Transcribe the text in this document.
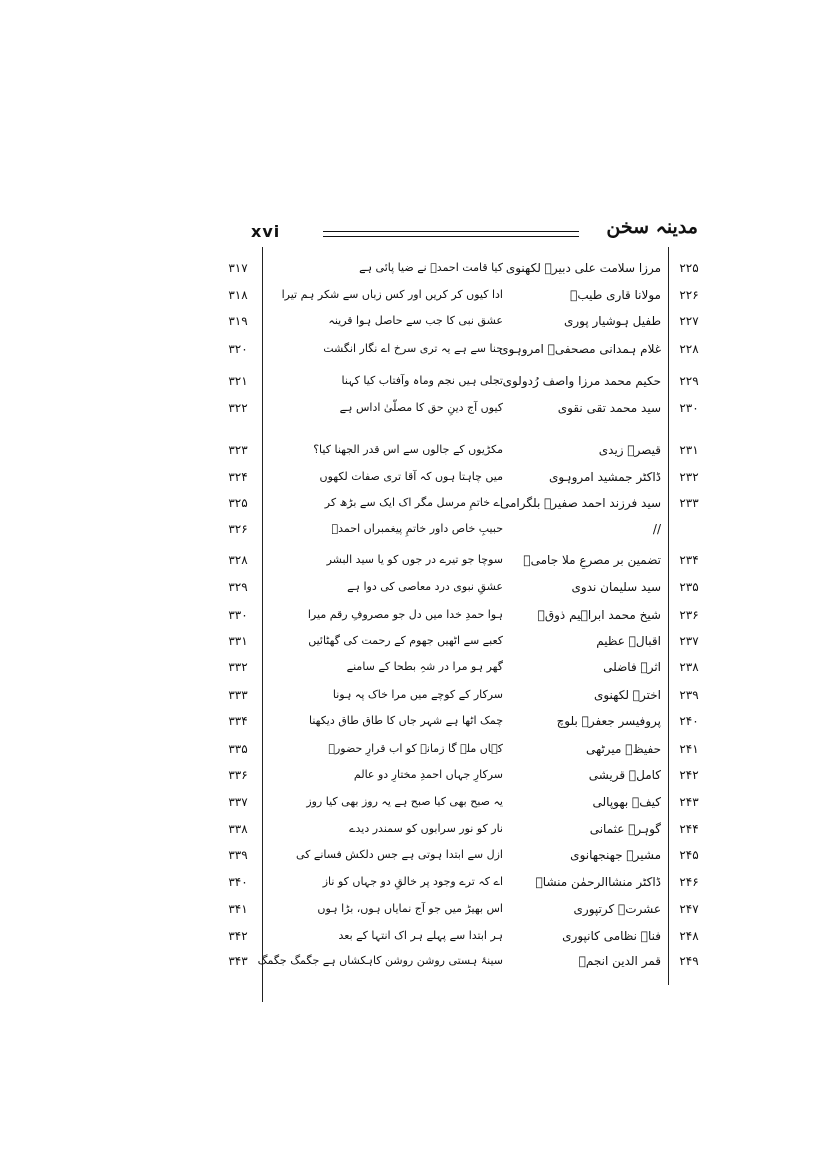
xvi	مدینہ سخن
۲۲۵
مرزا سلامت علی دبیرؔ لکھنوی
کیا قامت احمدؐ نے ضیا پائی ہے
۳۱۷
۲۲۶
مولانا قاری طیبؔ
ادا کیوں کر کریں اور کس زباں سے شکر ہم تیرا
۳۱۸
۲۲۷
طفیل ہوشیار پوری
عشق نبی کا جب سے حاصل ہوا قرینہ
۳۱۹
۲۲۸
غلام ہمدانی مصحفیؔ امروہوی
حنا سے ہے یہ تری سرخ اے نگار انگشت
۳۲۰
۲۲۹
حکیم محمد مرزا واصف رُدولوی
تجلی ہیں نجم وماہ وآفتاب کیا کہنا
۳۲۱
۲۳۰
سید محمد تقی نقوی
کیوں آج دینِ حق کا مصلّیٰ اداس ہے
۳۲۲
۲۳۱
قیصرؔ زیدی
مکڑیوں کے جالوں سے اس قدر الجھنا کیا؟
۳۲۳
۲۳۲
ڈاکٹر جمشید امروہوی
میں چاہتا ہوں کہ آقا تری صفات لکھوں
۳۲۴
۲۳۳
سید فرزند احمد صفیرؔ بلگرامی
اے خاتمِ مرسل مگر اک ایک سے بڑھ کر
۳۲۵
//
حبیبِ خاص داور خاتمِ پیغمبراں احمدؐ
۳۲۶
۲۳۴
تضمین بر مصرعِ ملا جامیؔ
سوچا جو تیرے در جوں کو یا سید البشر
۳۲۸
۲۳۵
سید سلیمان ندوی
عشقِ نبوی درد معاصی کی دوا ہے
۳۲۹
۲۳۶
شیخ محمد ابراہیم ذوقؔ
ہوا حمدِ خدا میں دل جو مصروفِ رقم میرا
۳۳۰
۲۳۷
اقبالؔ عظیم
کعبے سے اٹھیں جھوم کے رحمت کی گھٹائیں
۳۳۱
۲۳۸
اثرؔ فاضلی
گھر ہو مرا در شہِ بطحا کے سامنے
۳۳۲
۲۳۹
اخترؔ لکھنوی
سرکار کے کوچے میں مرا خاک پہ ہونا
۳۳۳
۲۴۰
پروفیسر جعفرؔ بلوچ
چمک اٹھا ہے شہر جاں کا طاق طاق دیکھنا
۳۳۴
۲۴۱
حفیظؔ میرٹھی
کہاں ملے گا زمانے کو اب قرارِ حضورؐ
۳۳۵
۲۴۲
کاملؔ قریشی
سرکارِ جہاں احمدِ مختارِ دو عالم
۳۳۶
۲۴۳
کیفؔ بھوپالی
یہ صبح بھی کیا صبح ہے یہ روز بھی کیا روز
۳۳۷
۲۴۴
گوہرؔ عثمانی
نار کو نور سرابوں کو سمندر دیدے
۳۳۸
۲۴۵
مشیرؔ جھنجھانوی
ازل سے ابتدا ہوتی ہے جس دلکش فسانے کی
۳۳۹
۲۴۶
ڈاکٹر منشاالرحمٰن منشاؔ
اے کہ ترے وجود پر خالقِ دو جہاں کو ناز
۳۴۰
۲۴۷
عشرتؔ کرتپوری
اس بھیڑ میں جو آج نمایاں ہوں، بڑا ہوں
۳۴۱
۲۴۸
فناؔ نظامی کانپوری
ہر ابتدا سے پہلے ہر اک انتہا کے بعد
۳۴۲
۲۴۹
قمر الدین انجمؔ
سینۂ ہستی روشن روشن کاہکشاں ہے جگمگ جگمگ
۳۴۳
